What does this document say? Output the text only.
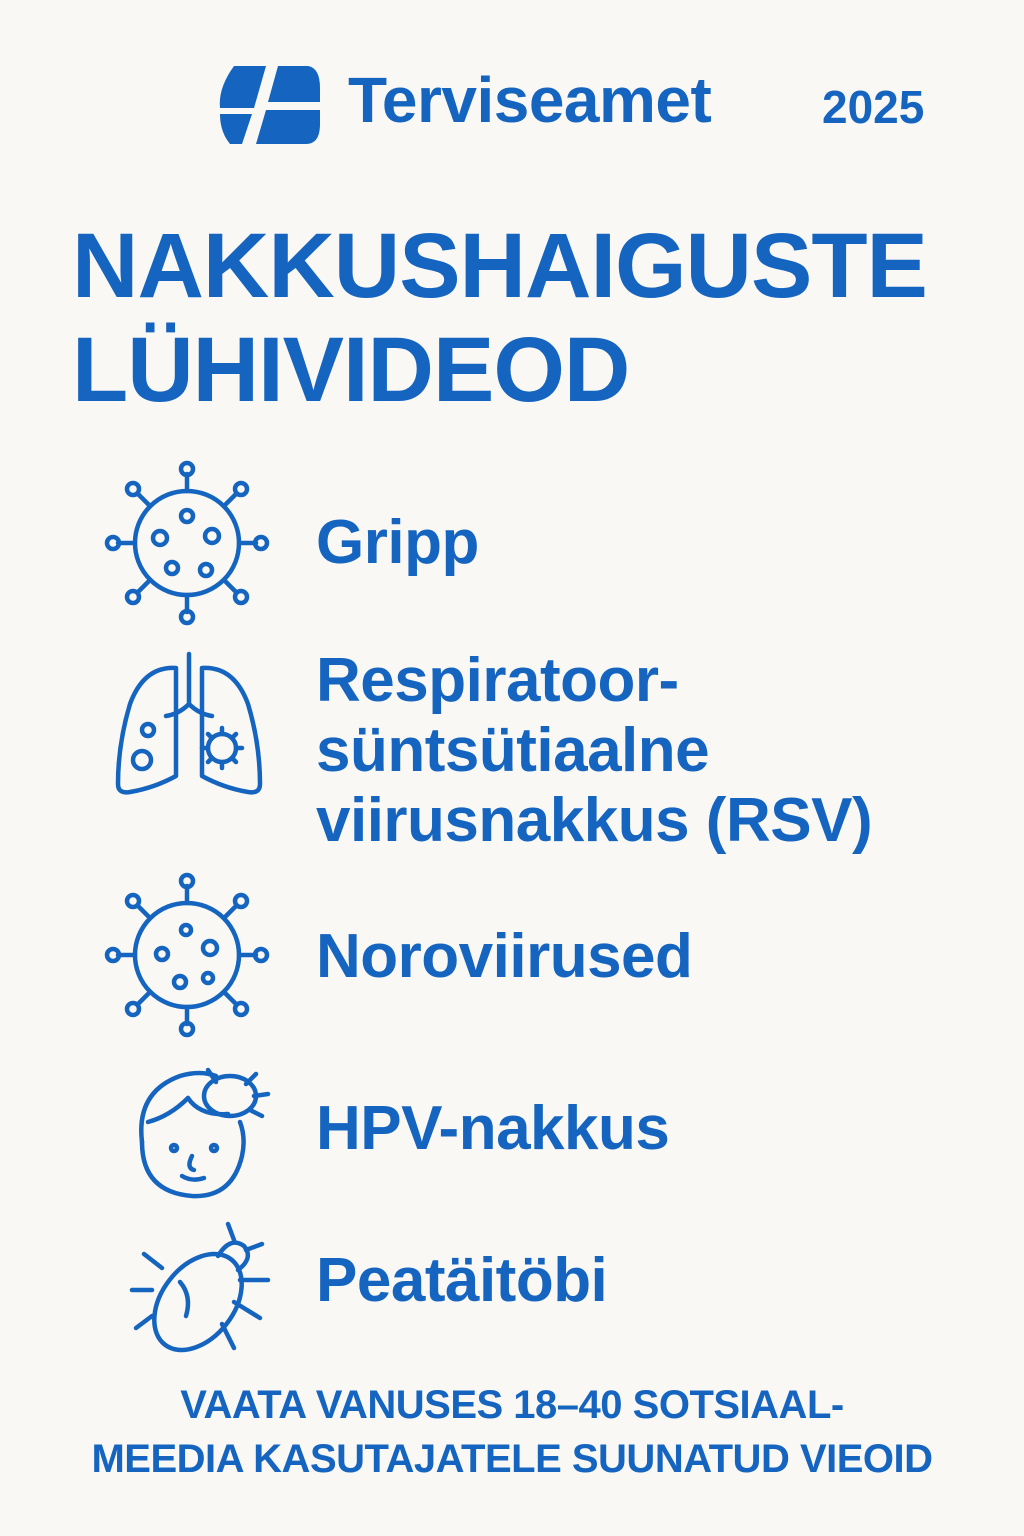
Terviseamet 2025
NAKKUSHAIGUSTE
LÜHIVIDEOD
Gripp
Respiratoor-
süntsütiaalne
viirusnakkus (RSV)
Noroviirused
HPV-nakkus
Peatäitöbi
VAATA VANUSES 18–40 SOTSIAAL-
MEEDIA KASUTAJATELE SUUNATUD VIEOID
